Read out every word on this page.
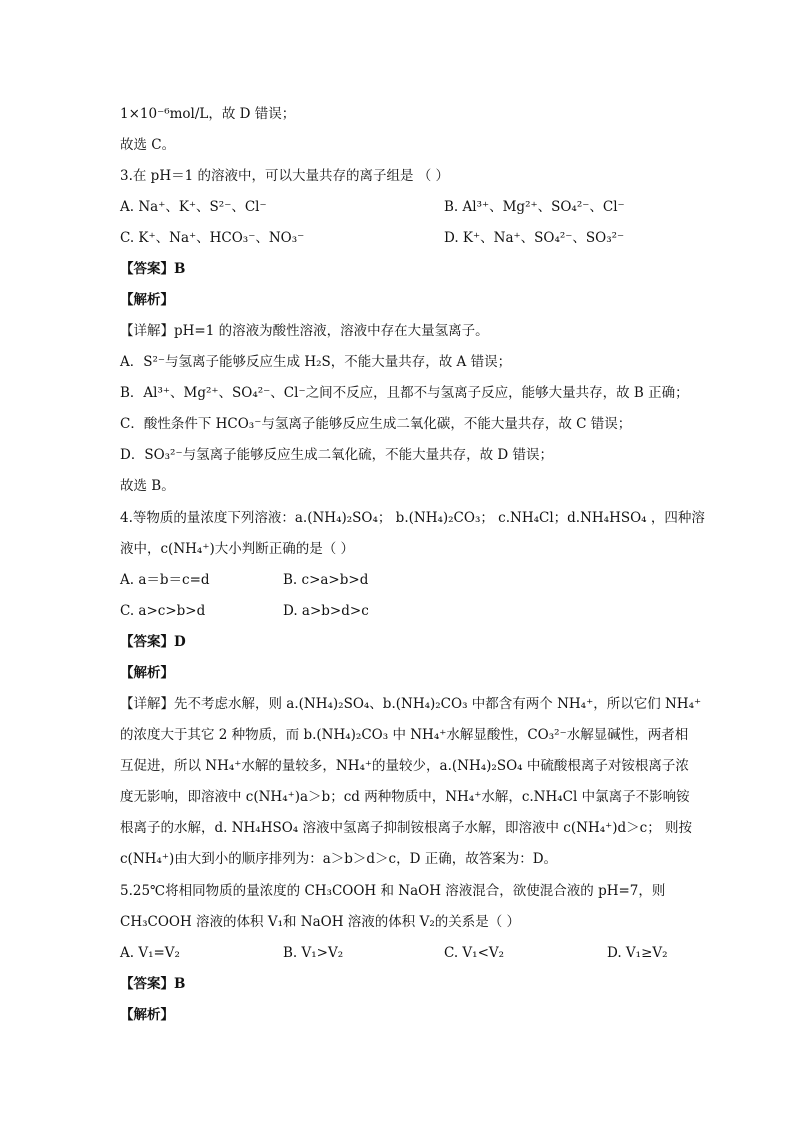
1×10⁻⁶mol/L，故 D 错误；
故选 C。
3.在 pH＝1 的溶液中，可以大量共存的离子组是 （ ）
A. Na⁺、K⁺、S²⁻、Cl⁻	B. Al³⁺、Mg²⁺、SO₄²⁻、Cl⁻
C. K⁺、Na⁺、HCO₃⁻、NO₃⁻	D. K⁺、Na⁺、SO₄²⁻、SO₃²⁻
【答案】B
【解析】
【详解】pH=1 的溶液为酸性溶液，溶液中存在大量氢离子。
A．S²⁻与氢离子能够反应生成 H₂S，不能大量共存，故 A 错误；
B．Al³⁺、Mg²⁺、SO₄²⁻、Cl⁻之间不反应，且都不与氢离子反应，能够大量共存，故 B 正确；
C．酸性条件下 HCO₃⁻与氢离子能够反应生成二氧化碳，不能大量共存，故 C 错误；
D．SO₃²⁻与氢离子能够反应生成二氧化硫，不能大量共存，故 D 错误；
故选 B。
4.等物质的量浓度下列溶液：a.(NH₄)₂SO₄； b.(NH₄)₂CO₃； c.NH₄Cl；d.NH₄HSO₄ ，四种溶
液中，c(NH₄⁺)大小判断正确的是（ ）
A. a＝b＝c=d	B. c>a>b>d
C. a>c>b>d	D. a>b>d>c
【答案】D
【解析】
【详解】先不考虑水解，则 a.(NH₄)₂SO₄、b.(NH₄)₂CO₃ 中都含有两个 NH₄⁺，所以它们 NH₄⁺
的浓度大于其它 2 种物质，而 b.(NH₄)₂CO₃ 中 NH₄⁺水解显酸性，CO₃²⁻水解显碱性，两者相
互促进，所以 NH₄⁺水解的量较多，NH₄⁺的量较少，a.(NH₄)₂SO₄ 中硫酸根离子对铵根离子浓
度无影响，即溶液中 c(NH₄⁺)a＞b；cd 两种物质中，NH₄⁺水解，c.NH₄Cl 中氯离子不影响铵
根离子的水解，d. NH₄HSO₄ 溶液中氢离子抑制铵根离子水解，即溶液中 c(NH₄⁺)d＞c； 则按
c(NH₄⁺)由大到小的顺序排列为：a＞b＞d＞c，D 正确，故答案为：D。
5.25℃将相同物质的量浓度的 CH₃COOH 和 NaOH 溶液混合，欲使混合液的 pH=7，则
CH₃COOH 溶液的体积 V₁和 NaOH 溶液的体积 V₂的关系是（ ）
A. V₁=V₂	B. V₁>V₂	C. V₁<V₂	D. V₁≥V₂
【答案】B
【解析】
